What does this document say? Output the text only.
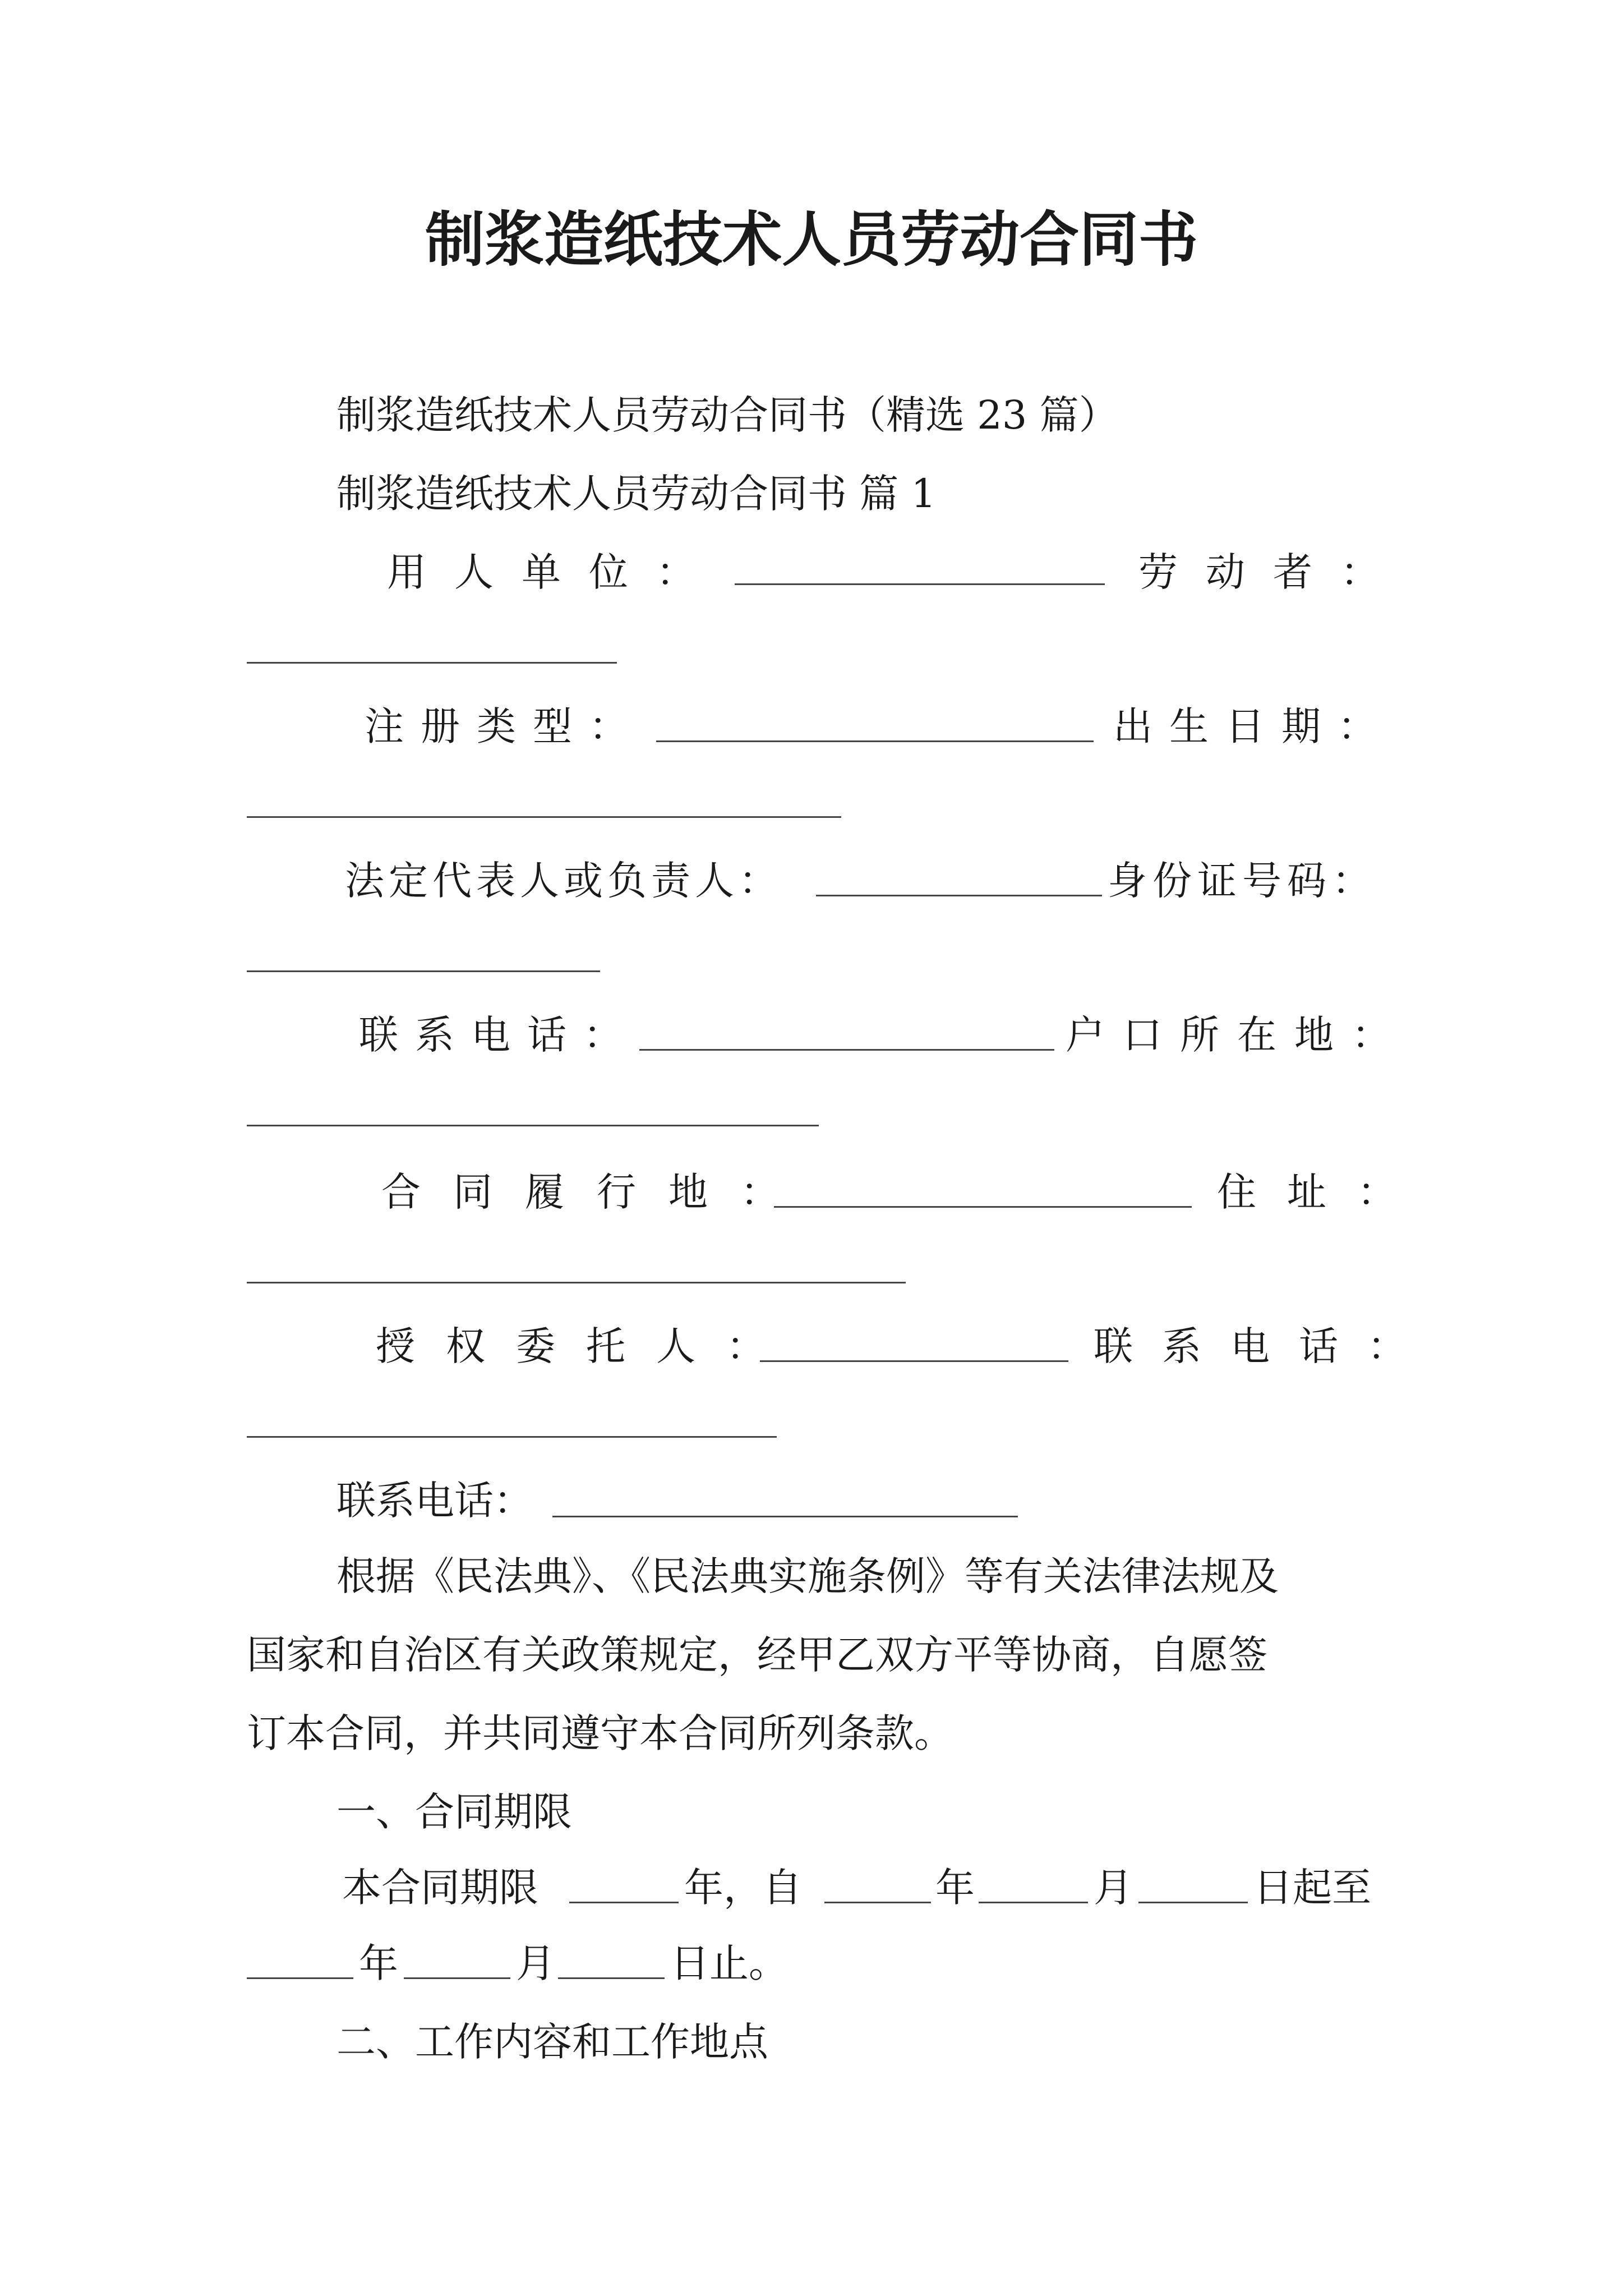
制浆造纸技术人员劳动合同书
制浆造纸技术人员劳动合同书（精选 23 篇）
制浆造纸技术人员劳动合同书 篇 1
用人单位：	劳动者：
注册类型：	出生日期：
法定代表人或负责人：	身份证号码：
联系电话：	户口所在地：
合同履行地：	住址：
授权委托人：	联系电话：
联系电话：
根据《民法典》、《民法典实施条例》等有关法律法规及
国家和自治区有关政策规定，经甲乙双方平等协商，自愿签
订本合同，并共同遵守本合同所列条款。
一、合同期限
本合同期限	年，自	年	月	日起至
年	月	日止。
二、工作内容和工作地点
